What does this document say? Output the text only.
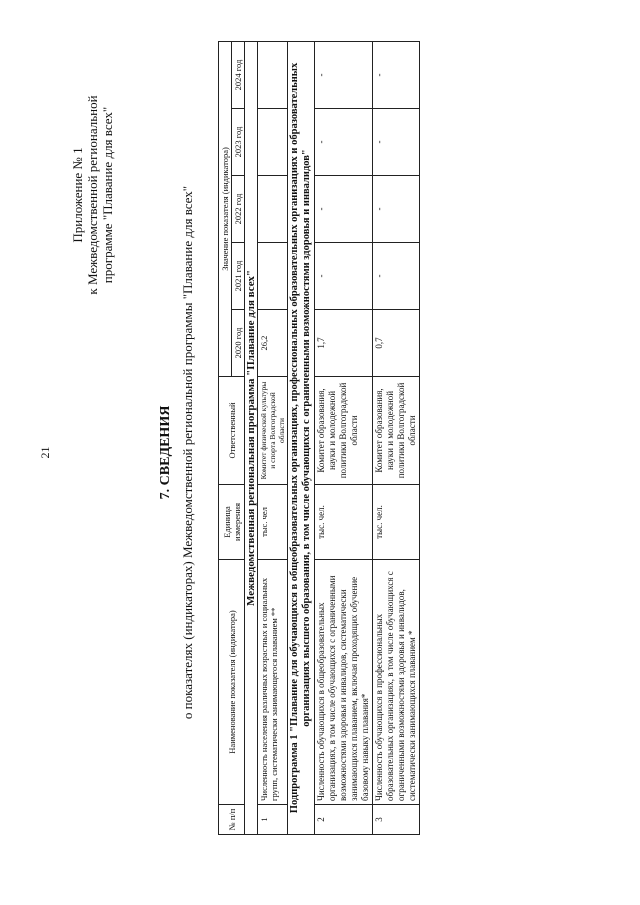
21
Приложение № 1 к Межведомственной региональной программе "Плавание для всех"
7. СВЕДЕНИЯ о показателях (индикаторах) Межведомственной региональной программы "Плавание для всех"
№ п/п	Наименование показателя (индикатора)	Единица измерения	Ответственный	Значение показателя (индикатора)				
				2020 год	2021 год	2022 год	2023 год	2024 год
Межведомственная региональная программа "Плавание для всех"								
1	Численность населения различных возрастных и социальных групп, систематически занимающегося плаванием **	тыс. чел	Комитет физической культуры и спорта Волгоградской области	26,2				
Подпрограмма 1 "Плавание для обучающихся в общеобразовательных организациях, профессиональных образовательных организациях и образовательных организациях высшего образования, в том числе обучающихся с ограниченными возможностями здоровья и инвалидов"								
2	Численность обучающихся в общеобразовательных организациях, в том числе обучающихся с ограниченными возможностями здоровья и инвалидов, систематически занимающихся плаванием, включая проходящих обучение базовому навыку плавания*	тыс. чел.	Комитет образования, науки и молодежной политики Волгоградской области	1,7	-	-	-	-
3	Численность обучающихся в профессиональных образовательных организациях, в том числе обучающихся с ограниченными возможностями здоровья и инвалидов, систематически занимающихся плаванием *	тыс. чел.	Комитет образования, науки и молодежной политики Волгоградской области	0,7	-	-	-	-
